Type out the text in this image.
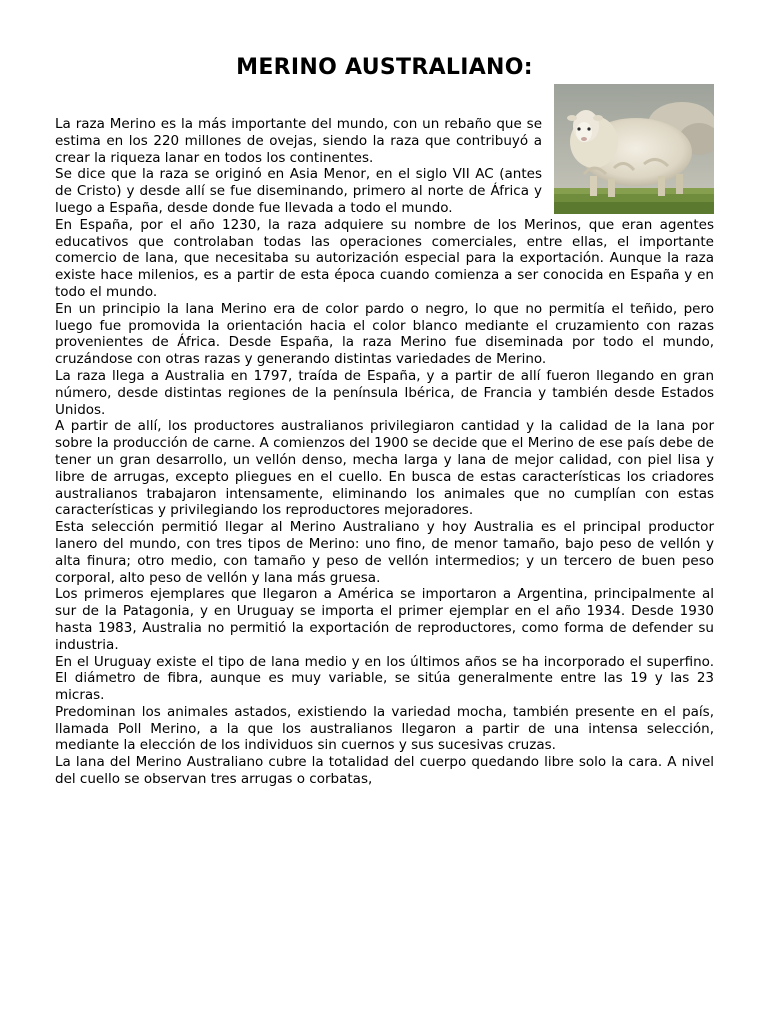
MERINO AUSTRALIANO:

La raza Merino es la más importante del mundo, con un rebaño que se estima en los 220 millones de ovejas, siendo la raza que contribuyó a crear la riqueza lanar en todos los continentes.

Se dice que la raza se originó en Asia Menor, en el siglo VII AC (antes de Cristo) y desde allí se fue diseminando, primero al norte de África y luego a España, desde donde fue llevada a todo el mundo.

En España, por el año 1230, la raza adquiere su nombre de los Merinos, que eran agentes educativos que controlaban todas las operaciones comerciales, entre ellas, el importante comercio de lana, que necesitaba su autorización especial para la exportación. Aunque la raza existe hace milenios, es a partir de esta época cuando comienza a ser conocida en España y en todo el mundo.

En un principio la lana Merino era de color pardo o negro, lo que no permitía el teñido, pero luego fue promovida la orientación hacia el color blanco mediante el cruzamiento con razas provenientes de África. Desde España, la raza Merino fue diseminada por todo el mundo, cruzándose con otras razas y generando distintas variedades de Merino.

La raza llega a Australia en 1797, traída de España, y a partir de allí fueron llegando en gran número, desde distintas regiones de la península Ibérica, de Francia y también desde Estados Unidos.

A partir de allí, los productores australianos privilegiaron cantidad y la calidad de la lana por sobre la producción de carne. A comienzos del 1900 se decide que el Merino de ese país debe de tener un gran desarrollo, un vellón denso, mecha larga y lana de mejor calidad, con piel lisa y libre de arrugas, excepto pliegues en el cuello. En busca de estas características los criadores australianos trabajaron intensamente, eliminando los animales que no cumplían con estas características y privilegiando los reproductores mejoradores.

Esta selección permitió llegar al Merino Australiano y hoy Australia es el principal productor lanero del mundo, con tres tipos de Merino: uno fino, de menor tamaño, bajo peso de vellón y alta finura; otro medio, con tamaño y peso de vellón intermedios; y un tercero de buen peso corporal, alto peso de vellón y lana más gruesa.

Los primeros ejemplares que llegaron a América se importaron a Argentina, principalmente al sur de la Patagonia, y en Uruguay se importa el primer ejemplar en el año 1934. Desde 1930 hasta 1983, Australia no permitió la exportación de reproductores, como forma de defender su industria.

En el Uruguay existe el tipo de lana medio y en los últimos años se ha incorporado el superfino. El diámetro de fibra, aunque es muy variable, se sitúa generalmente entre las 19 y las 23 micras.

Predominan los animales astados, existiendo la variedad mocha, también presente en el país, llamada Poll Merino, a la que los australianos llegaron a partir de una intensa selección, mediante la elección de los individuos sin cuernos y sus sucesivas cruzas.

La lana del Merino Australiano cubre la totalidad del cuerpo quedando libre solo la cara. A nivel del cuello se observan tres arrugas o corbatas,
